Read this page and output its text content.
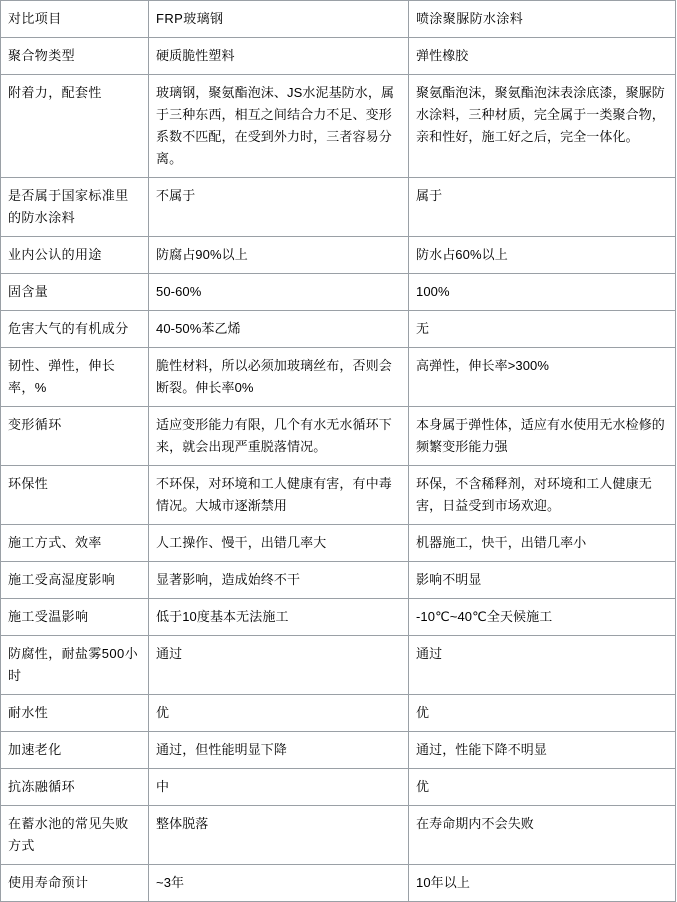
对比项目	FRP玻璃钢	喷涂聚脲防水涂料
聚合物类型	硬质脆性塑料	弹性橡胶
附着力，配套性	玻璃钢，聚氨酯泡沫、JS水泥基防水，属于三种东西，相互之间结合力不足、变形系数不匹配，在受到外力时，三者容易分离。	聚氨酯泡沫，聚氨酯泡沫表涂底漆，聚脲防水涂料，三种材质，完全属于一类聚合物，亲和性好，施工好之后，完全一体化。
是否属于国家标准里的防水涂料	不属于	属于
业内公认的用途	防腐占90%以上	防水占60%以上
固含量	50-60%	100%
危害大气的有机成分	40-50%苯乙烯	无
韧性、弹性，伸长率，%	脆性材料，所以必须加玻璃丝布，否则会断裂。伸长率0%	高弹性，伸长率>300%
变形循环	适应变形能力有限，几个有水无水循环下来，就会出现严重脱落情况。	本身属于弹性体，适应有水使用无水检修的频繁变形能力强
环保性	不环保，对环境和工人健康有害，有中毒情况。大城市逐渐禁用	环保，不含稀释剂，对环境和工人健康无害，日益受到市场欢迎。
施工方式、效率	人工操作、慢干，出错几率大	机器施工，快干，出错几率小
施工受高湿度影响	显著影响，造成始终不干	影响不明显
施工受温影响	低于10度基本无法施工	-10℃~40℃全天候施工
防腐性，耐盐雾500小时	通过	通过
耐水性	优	优
加速老化	通过，但性能明显下降	通过，性能下降不明显
抗冻融循环	中	优
在蓄水池的常见失败方式	整体脱落	在寿命期内不会失败
使用寿命预计	~3年	10年以上
